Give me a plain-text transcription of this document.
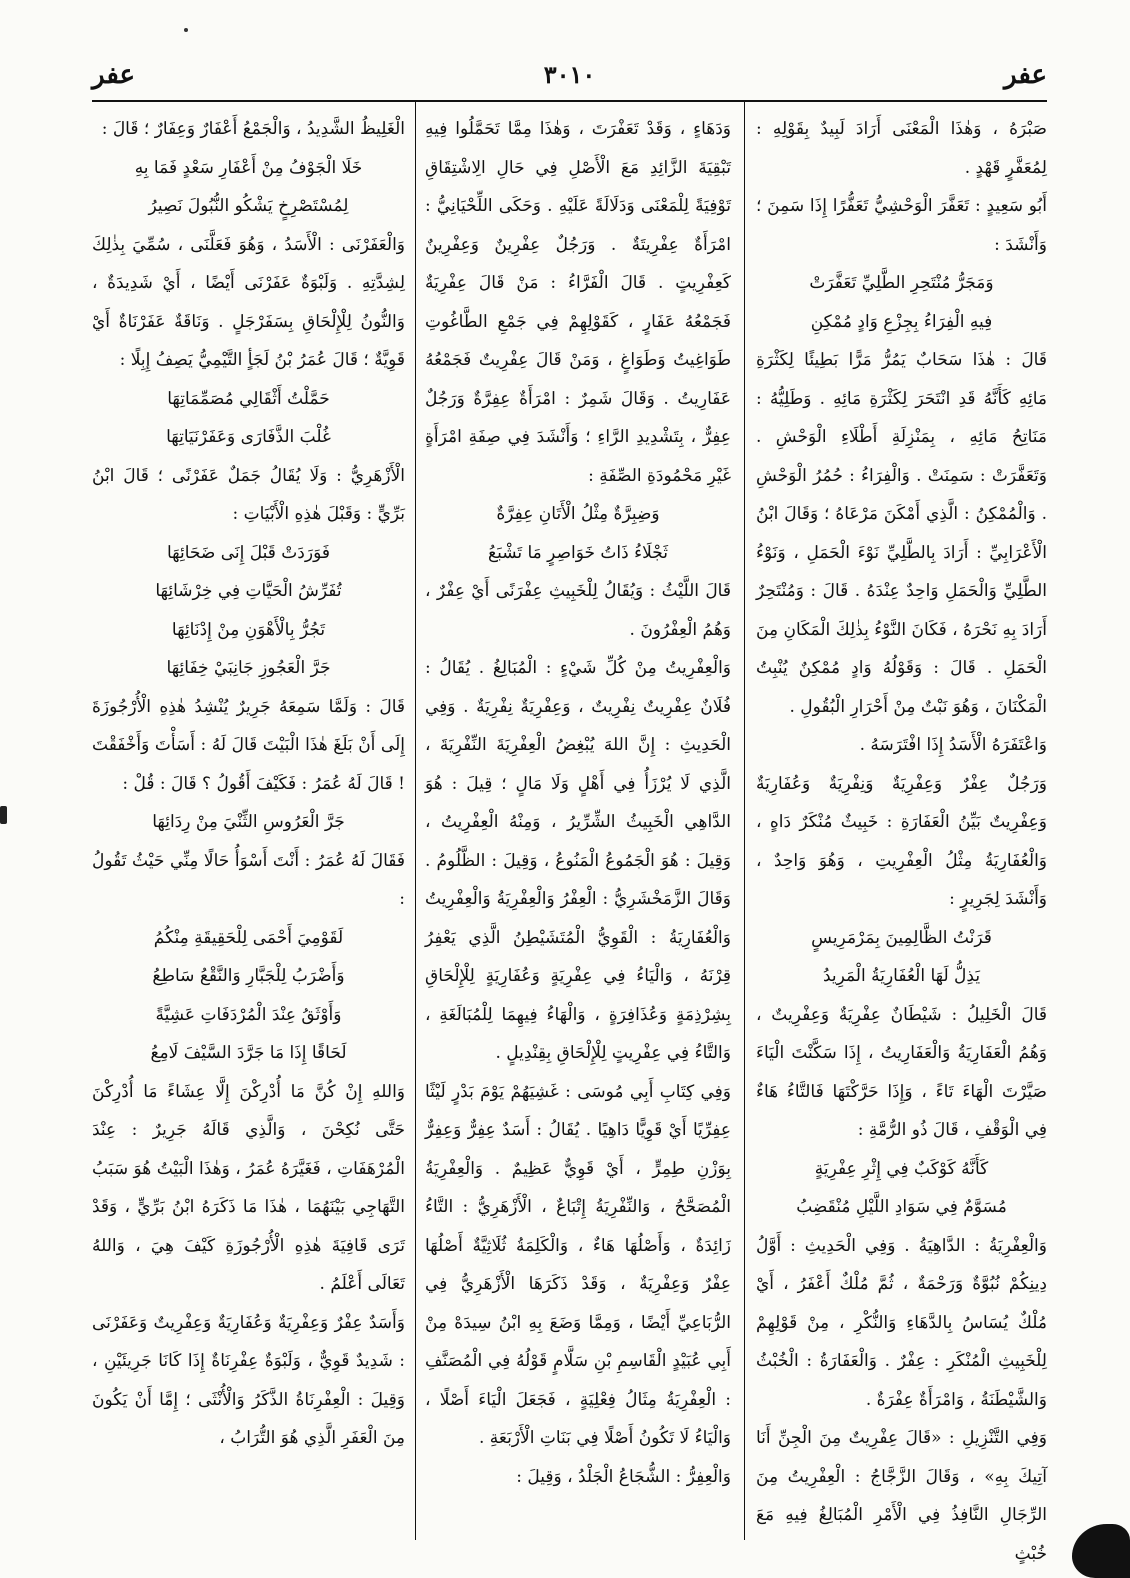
عفر
٣٠١٠
عفر

صَبْرَهُ ، وَهٰذَا الْمَعْنَى أَرَادَ لَبِيدٌ بِقَوْلِهِ : لِمُعَفَّرٍ قَهْدٍ .

أَبُو سَعِيدٍ : تَعَفَّرَ الْوَحْشِيُّ تَعَفُّرًا إِذَا سَمِنَ ؛ وَأَنْشَدَ :

وَمَجَرُّ مُنْتَحِرِ الطَّلِيِّ تَعَفَّرَتْ

فِيهِ الْفِرَاءُ بِجِزْعِ وَادٍ مُمْكِنِ

قَالَ : هٰذَا سَحَابٌ يَمُرُّ مَرًّا بَطِيئًا لِكَثْرَةِ مَائِهِ كَأَنَّهُ قَدِ انْتَحَرَ لِكَثْرَةِ مَائِهِ . وَطَلِيُّهُ : مَنَاتِحُ مَائِهِ ، بِمَنْزِلَةِ أَطْلَاءِ الْوَحْشِ . وَتَعَفَّرَتْ : سَمِنَتْ . وَالْفِرَاءُ : حُمُرُ الْوَحْشِ . وَالْمُمْكِنُ : الَّذِي أَمْكَنَ مَرْعَاهُ ؛ وَقَالَ ابْنُ الْأَعْرَابِيِّ : أَرَادَ بِالطَّلِيِّ نَوْءَ الْحَمَلِ ، وَنَوْءُ الطَّلِيِّ وَالْحَمَلِ وَاحِدٌ عِنْدَهُ . قَالَ : وَمُنْتَحِرٌ أَرَادَ بِهِ نَحْرَهُ ، فَكَانَ النَّوْءُ بِذٰلِكَ الْمَكَانِ مِنَ الْحَمَلِ . قَالَ : وَقَوْلُهُ وَادٍ مُمْكِنٌ يُنْبِتُ الْمَكْنَانَ ، وَهُوَ نَبْتٌ مِنْ أَحْرَارِ الْبُقُولِ .

وَاعْتَفَرَهُ الْأَسَدُ إِذَا افْتَرَسَهُ .

وَرَجُلٌ عِفْرٌ وَعِفْرِيَةٌ وَنِفْرِيَةٌ وَعُفَارِيَةٌ وَعِفْرِيتٌ بَيِّنُ الْعَفَارَةِ : خَبِيثٌ مُنْكَرٌ دَاهٍ ، وَالْعُفَارِيَةُ مِثْلُ الْعِفْرِيتِ ، وَهُوَ وَاحِدٌ ، وَأَنْشَدَ لِجَرِيرٍ :

قَرَنْتُ الظَّالِمِينَ بِمَرْمَرِيسٍ

يَذِلُّ لَهَا الْعُفَارِيَةُ الْمَرِيدُ

قَالَ الْخَلِيلُ : شَيْطَانٌ عِفْرِيَةٌ وَعِفْرِيتٌ ، وَهُمُ الْعَفَارِيَةُ وَالْعَفَارِيتُ ، إِذَا سَكَّنْتَ الْيَاءَ صَيَّرْتَ الْهَاءَ تَاءً ، وَإِذَا حَرَّكْتَهَا فَالتَّاءُ هَاءٌ فِي الْوَقْفِ ، قَالَ ذُو الرُّمَّةِ :

كَأَنَّهُ كَوْكَبٌ فِي إِثْرِ عِفْرِيَةٍ

مُسَوَّمٌ فِي سَوَادِ اللَّيْلِ مُنْقَضِبُ

وَالْعِفْرِيَةُ : الدَّاهِيَةُ . وَفِي الْحَدِيثِ : أَوَّلُ دِينِكُمْ نُبُوَّةٌ وَرَحْمَةٌ ، ثُمَّ مُلْكٌ أَعْفَرُ ، أَيْ مُلْكٌ يُسَاسُ بِالدَّهَاءِ وَالنُّكْرِ ، مِنْ قَوْلِهِمْ لِلْخَبِيثِ الْمُنْكَرِ : عِفْرٌ . وَالْعَفَارَةُ : الْخُبْثُ وَالشَّيْطَنَةُ ، وَامْرَأَةٌ عِفْرَةٌ .

وَفِي التَّنْزِيلِ : «قَالَ عِفْرِيتٌ مِنَ الْجِنِّ أَنَا آتِيكَ بِهِ» ، وَقَالَ الزَّجَّاجُ : الْعِفْرِيتُ مِنَ الرِّجَالِ النَّافِذُ فِي الْأَمْرِ الْمُبَالِغُ فِيهِ مَعَ خُبْثٍ

وَدَهَاءٍ ، وَقَدْ تَعَفْرَتَ ، وَهٰذَا مِمَّا تَحَمَّلُوا فِيهِ تَبْقِيَةَ الزَّائِدِ مَعَ الْأَصْلِ فِي حَالِ الِاشْتِقَاقِ تَوْفِيَةً لِلْمَعْنَى وَدَلَالَةً عَلَيْهِ . وَحَكَى اللِّحْيَانِيُّ : امْرَأَةٌ عِفْرِيتَةٌ . وَرَجُلٌ عِفْرِينٌ وَعِفْرِينٌ كَعِفْرِيتٍ . قَالَ الْفَرَّاءُ : مَنْ قَالَ عِفْرِيَةٌ فَجَمْعُهُ عَفَارٍ ، كَقَوْلِهِمْ فِي جَمْعِ الطَّاغُوتِ طَوَاغِيتُ وَطَوَاغٍ ، وَمَنْ قَالَ عِفْرِيتٌ فَجَمْعُهُ عَفَارِيتُ . وَقَالَ شَمِرٌ : امْرَأَةٌ عِفِرَّةٌ وَرَجُلٌ عِفِرٌّ ، بِتَشْدِيدِ الرَّاءِ ؛ وَأَنْشَدَ فِي صِفَةِ امْرَأَةٍ غَيْرِ مَحْمُودَةِ الصِّفَةِ :

وَضِبِرَّةٌ مِثْلُ الْأَتَانِ عِفِرَّةٌ

ثَجْلَاءُ ذَاتُ خَوَاصِرٍ مَا تَشْبَعُ

قَالَ اللَّيْثُ : وَيُقَالُ لِلْخَبِيثِ عِفْرَنًى أَيْ عِفْرٌ ، وَهُمُ الْعِفْرُونَ .

وَالْعِفْرِيتُ مِنْ كُلِّ شَيْءٍ : الْمُبَالِغُ . يُقَالُ : فُلَانٌ عِفْرِيتٌ نِفْرِيتٌ ، وَعِفْرِيَةٌ نِفْرِيَةٌ . وَفِي الْحَدِيثِ : إِنَّ اللهَ يُبْغِضُ الْعِفْرِيَةَ النِّفْرِيَةَ ، الَّذِي لَا يُرْزَأُ فِي أَهْلٍ وَلَا مَالٍ ؛ قِيلَ : هُوَ الدَّاهِي الْخَبِيثُ الشِّرِّيرُ ، وَمِنْهُ الْعِفْرِيتُ ، وَقِيلَ : هُوَ الْجَمُوعُ الْمَنُوعُ ، وَقِيلَ : الظَّلُومُ . وَقَالَ الزَّمَخْشَرِيُّ : الْعِفْرُ وَالْعِفْرِيَةُ وَالْعِفْرِيتُ وَالْعُفَارِيَةُ : الْقَوِيُّ الْمُتَشَيْطِنُ الَّذِي يَعْفِرُ قِرْنَهُ ، وَالْيَاءُ فِي عِفْرِيَةٍ وَعُفَارِيَةٍ لِلْإِلْحَاقِ بِشِرْذِمَةٍ وَعُذَافِرَةٍ ، وَالْهَاءُ فِيهِمَا لِلْمُبَالَغَةِ ، وَالتَّاءُ فِي عِفْرِيتٍ لِلْإِلْحَاقِ بِقِنْدِيلٍ .

وَفِي كِتَابِ أَبِي مُوسَى : غَشِيَهُمْ يَوْمَ بَدْرٍ لَيْثًا عِفِرِّيًا أَيْ قَوِيًّا دَاهِيًا . يُقَالُ : أَسَدٌ عِفِرٌّ وَعِفِرٌّ بِوَزْنِ طِمِرٍّ ، أَيْ قَوِيٌّ عَظِيمٌ . وَالْعِفْرِيَةُ الْمُصَحَّحُ ، وَالنِّفْرِيَةُ إِتْبَاعٌ ، الْأَزْهَرِيُّ : التَّاءُ زَائِدَةٌ ، وَأَصْلُهَا هَاءٌ ، وَالْكَلِمَةُ ثُلَاثِيَّةٌ أَصْلُهَا عِفْرٌ وَعِفْرِيَةٌ ، وَقَدْ ذَكَرَهَا الْأَزْهَرِيُّ فِي الرُّبَاعِيِّ أَيْضًا ، وَمِمَّا وَضَعَ بِهِ ابْنُ سِيدَهْ مِنْ أَبِي عُبَيْدٍ الْقَاسِمِ بْنِ سَلَّامٍ قَوْلُهُ فِي الْمُصَنَّفِ : الْعِفْرِيَةُ مِثَالُ فِعْلِيَةٍ ، فَجَعَلَ الْيَاءَ أَصْلًا ، وَالْيَاءُ لَا تَكُونُ أَصْلًا فِي بَنَاتِ الْأَرْبَعَةِ .

وَالْعِفِرُّ : الشُّجَاعُ الْجَلْدُ ، وَقِيلَ :

الْغَلِيظُ الشَّدِيدُ ، وَالْجَمْعُ أَعْفَارٌ وَعِفَارٌ ؛ قَالَ :

خَلَا الْجَوْفُ مِنْ أَعْفَارِ سَعْدٍ فَمَا بِهِ

لِمُسْتَصْرِخٍ يَشْكُو النُّبُولَ نَصِيرُ

وَالْعَفَرْنَى : الْأَسَدُ ، وَهُوَ فَعَلَّنَى ، سُمِّيَ بِذٰلِكَ لِشِدَّتِهِ . وَلَبْوَةٌ عَفَرْنَى أَيْضًا ، أَيْ شَدِيدَةٌ ، وَالنُّونُ لِلْإِلْحَاقِ بِسَفَرْجَلٍ . وَنَاقَةٌ عَفَرْنَاةٌ أَيْ قَوِيَّةٌ ؛ قَالَ عُمَرُ بْنُ لَجَأٍ التَّيْمِيُّ يَصِفُ إِبِلًا :

حَمَّلْتُ أَثْقَالِي مُصَمِّمَاتِهَا

غُلْبَ الذَّفَارَى وَعَفَرْنَيَاتِهَا

الْأَزْهَرِيُّ : وَلَا يُقَالُ جَمَلٌ عَفَرْنًى ؛ قَالَ ابْنُ بَرِّيٍّ : وَقَبْلَ هٰذِهِ الْأَبْيَاتِ :

فَوَرَدَتْ قَبْلَ إِنَى ضَحَائِهَا

تُفَرِّشُ الْحَيَّاتِ فِي خِرْشَائِهَا

تَجُرُّ بِالْأَهْوَنِ مِنْ إِدْنَائِهَا

جَرَّ الْعَجُوزِ جَانِبَيْ خِفَائِهَا

قَالَ : وَلَمَّا سَمِعَهُ جَرِيرٌ يُنْشِدُ هٰذِهِ الْأُرْجُوزَةَ إِلَى أَنْ بَلَغَ هٰذَا الْبَيْتَ قَالَ لَهُ : أَسَأْتَ وَأَخْفَقْتَ ! قَالَ لَهُ عُمَرُ : فَكَيْفَ أَقُولُ ؟ قَالَ : قُلْ :

جَرَّ الْعَرُوسِ الثِّنْيَ مِنْ رِدَائِهَا

فَقَالَ لَهُ عُمَرُ : أَنْتَ أَسْوَأُ حَالًا مِنِّي حَيْثُ تَقُولُ :

لَقَوْمِيَ أَحْمَى لِلْحَقِيقَةِ مِنْكُمُ

وَأَضْرَبُ لِلْجَبَّارِ وَالنَّقْعُ سَاطِعُ

وَأَوْثَقُ عِنْدَ الْمُرْدَفَاتِ عَشِيَّةً

لَحَاقًا إِذَا مَا جَرَّدَ السَّيْفَ لَامِعُ

وَاللهِ إِنْ كُنَّ مَا أُدْرِكْنَ إِلَّا عِشَاءً مَا أُدْرِكْنَ حَتَّى نُكِحْنَ ، وَالَّذِي قَالَهُ جَرِيرٌ : عِنْدَ الْمُرْهَفَاتِ ، فَغَيَّرَهُ عُمَرُ ، وَهٰذَا الْبَيْتُ هُوَ سَبَبُ التَّهَاجِي بَيْنَهُمَا ، هٰذَا مَا ذَكَرَهُ ابْنُ بَرِّيٍّ ، وَقَدْ تَرَى قَافِيَةَ هٰذِهِ الْأُرْجُوزَةِ كَيْفَ هِيَ ، وَاللهُ تَعَالَى أَعْلَمُ .

وَأَسَدٌ عِفْرٌ وَعِفْرِيَةٌ وَعُفَارِيَةٌ وَعِفْرِيتٌ وَعَفَرْنَى : شَدِيدٌ قَوِيٌّ ، وَلَبْوَةٌ عِفْرِنَاةٌ إِذَا كَانَا جَرِيئَيْنِ ، وَقِيلَ : الْعِفْرِنَاةُ الذَّكَرُ وَالْأُنْثَى ؛ إِمَّا أَنْ يَكُونَ مِنَ الْعَفَرِ الَّذِي هُوَ التُّرَابُ ،
